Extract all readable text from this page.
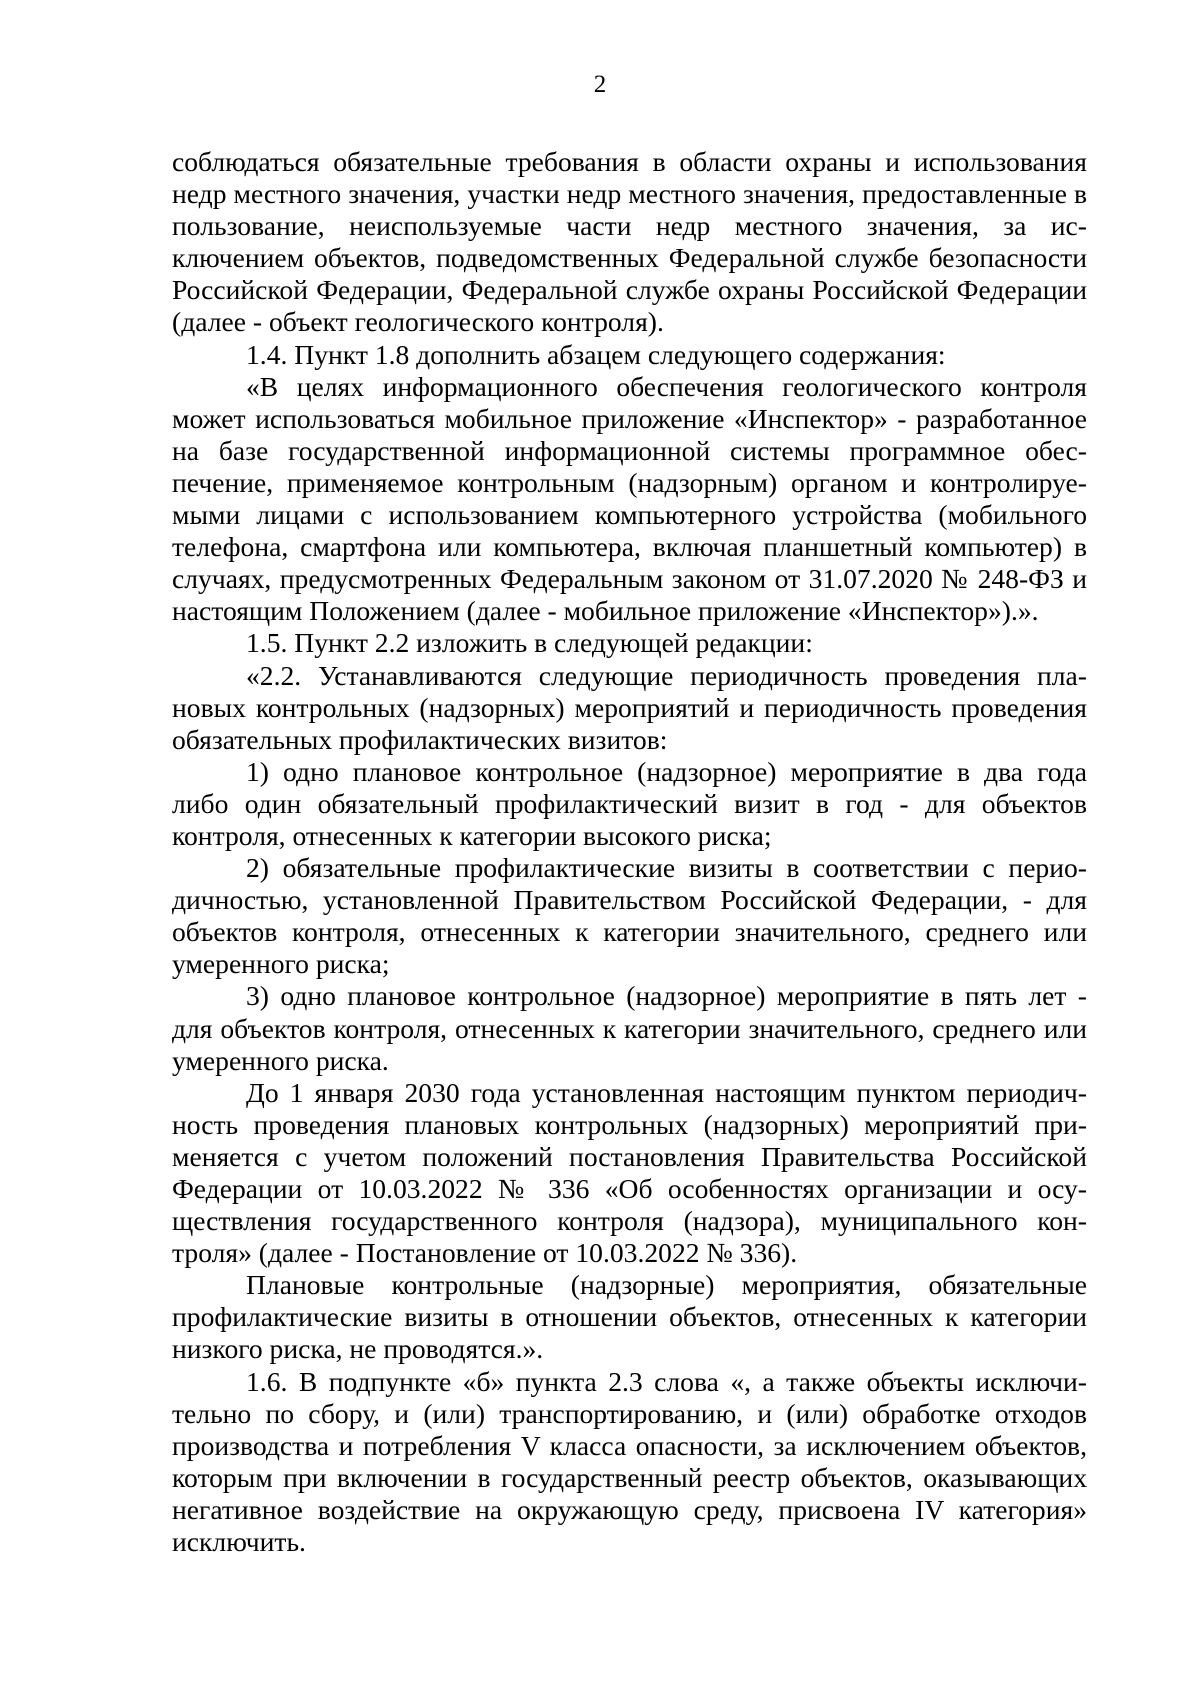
2

соблюдаться обязательные требования в области охраны и использования недр местного значения, участки недр местного значения, предоставленные в пользование, неиспользуемые части недр местного значения, за исключением объектов, подведомственных Федеральной службе безопасности Российской Федерации, Федеральной службе охраны Российской Федерации (далее - объект геологического контроля).

1.4. Пункт 1.8 дополнить абзацем следующего содержания:

«В целях информационного обеспечения геологического контроля может использоваться мобильное приложение «Инспектор» - разработанное на базе государственной информационной системы программное обеспечение, применяемое контрольным (надзорным) органом и контролируемыми лицами с использованием компьютерного устройства (мобильного телефона, смартфона или компьютера, включая планшетный компьютер) в случаях, предусмотренных Федеральным законом от 31.07.2020 № 248-ФЗ и настоящим Положением (далее - мобильное приложение «Инспектор»).».

1.5. Пункт 2.2 изложить в следующей редакции:

«2.2. Устанавливаются следующие периодичность проведения плановых контрольных (надзорных) мероприятий и периодичность проведения обязательных профилактических визитов:

1) одно плановое контрольное (надзорное) мероприятие в два года либо один обязательный профилактический визит в год - для объектов контроля, отнесенных к категории высокого риска;

2) обязательные профилактические визиты в соответствии с периодичностью, установленной Правительством Российской Федерации, - для объектов контроля, отнесенных к категории значительного, среднего или умеренного риска;

3) одно плановое контрольное (надзорное) мероприятие в пять лет - для объектов контроля, отнесенных к категории значительного, среднего или умеренного риска.

До 1 января 2030 года установленная настоящим пунктом периодичность проведения плановых контрольных (надзорных) мероприятий применяется с учетом положений постановления Правительства Российской Федерации от 10.03.2022 № 336 «Об особенностях организации и осуществления государственного контроля (надзора), муниципального контроля» (далее - Постановление от 10.03.2022 № 336).

Плановые контрольные (надзорные) мероприятия, обязательные профилактические визиты в отношении объектов, отнесенных к категории низкого риска, не проводятся.».

1.6. В подпункте «б» пункта 2.3 слова «, а также объекты исключительно по сбору, и (или) транспортированию, и (или) обработке отходов производства и потребления V класса опасности, за исключением объектов, которым при включении в государственный реестр объектов, оказывающих негативное воздействие на окружающую среду, присвоена IV категория» исключить.
